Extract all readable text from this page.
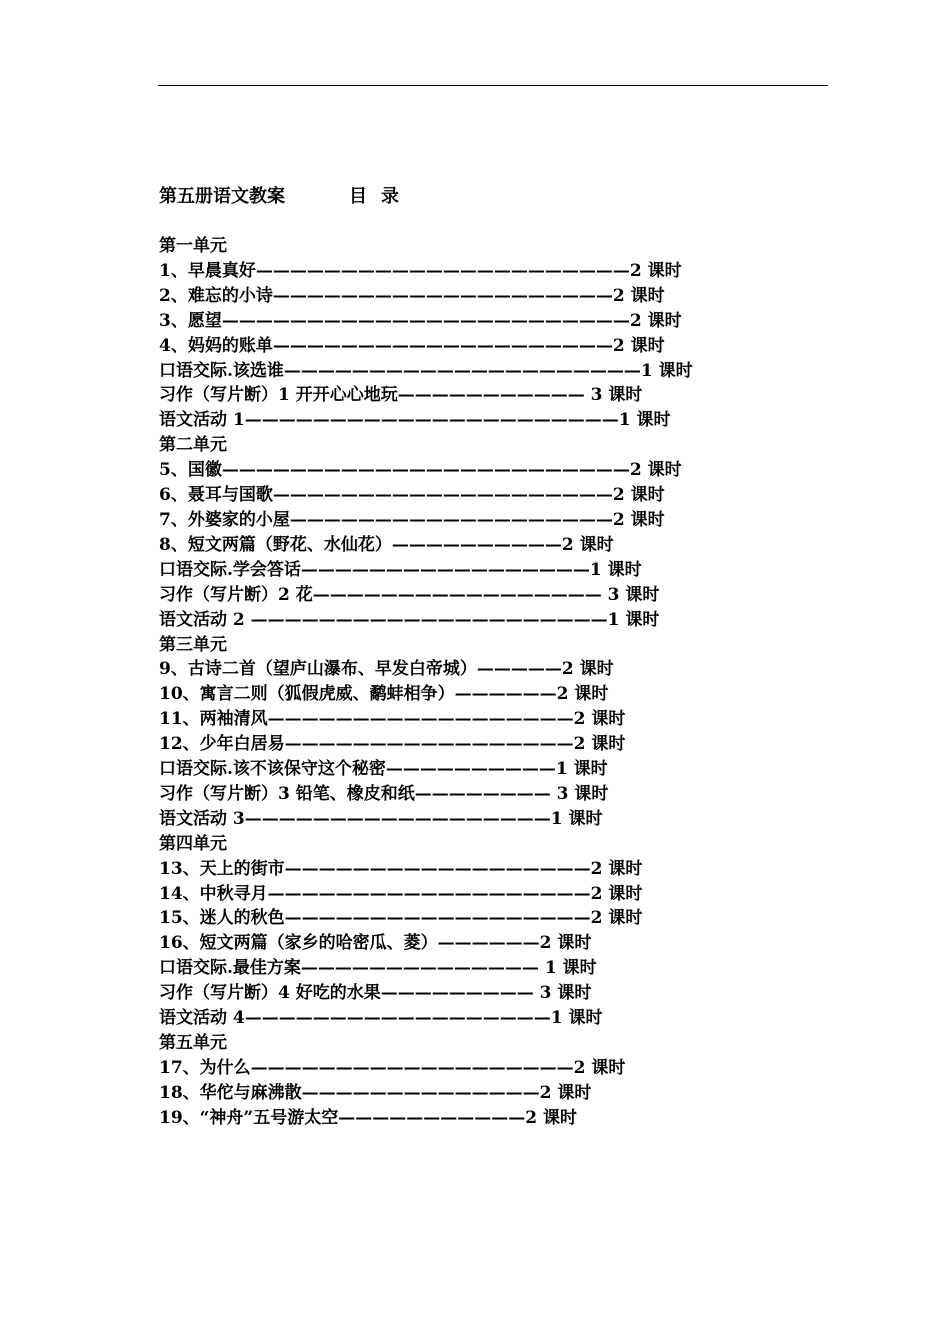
第五册语文教案	目录
第一单元
1、早晨真好——————————————————————2 课时
2、难忘的小诗————————————————————2 课时
3、愿望————————————————————————2 课时
4、妈妈的账单————————————————————2 课时
口语交际.该选谁—————————————————————1 课时
习作（写片断）1 开开心心地玩——————————— 3 课时
语文活动 1——————————————————————1 课时
第二单元
5、国徽————————————————————————2 课时
6、聂耳与国歌————————————————————2 课时
7、外婆家的小屋———————————————————2 课时
8、短文两篇（野花、水仙花）——————————2 课时
口语交际.学会答话—————————————————1 课时
习作（写片断）2 花————————————————— 3 课时
语文活动 2 —————————————————————1 课时
第三单元
9、古诗二首（望庐山瀑布、早发白帝城）—————2 课时
10、寓言二则（狐假虎威、鹬蚌相争）——————2 课时
11、两袖清风——————————————————2 课时
12、少年白居易—————————————————2 课时
口语交际.该不该保守这个秘密——————————1 课时
习作（写片断）3 铅笔、橡皮和纸———————— 3 课时
语文活动 3——————————————————1 课时
第四单元
13、天上的街市——————————————————2 课时
14、中秋寻月———————————————————2 课时
15、迷人的秋色——————————————————2 课时
16、短文两篇（家乡的哈密瓜、菱）——————2 课时
口语交际.最佳方案—————————————— 1 课时
习作（写片断）4 好吃的水果————————— 3 课时
语文活动 4——————————————————1 课时
第五单元
17、为什么———————————————————2 课时
18、华佗与麻沸散——————————————2 课时
19、“神舟”五号游太空———————————2 课时
